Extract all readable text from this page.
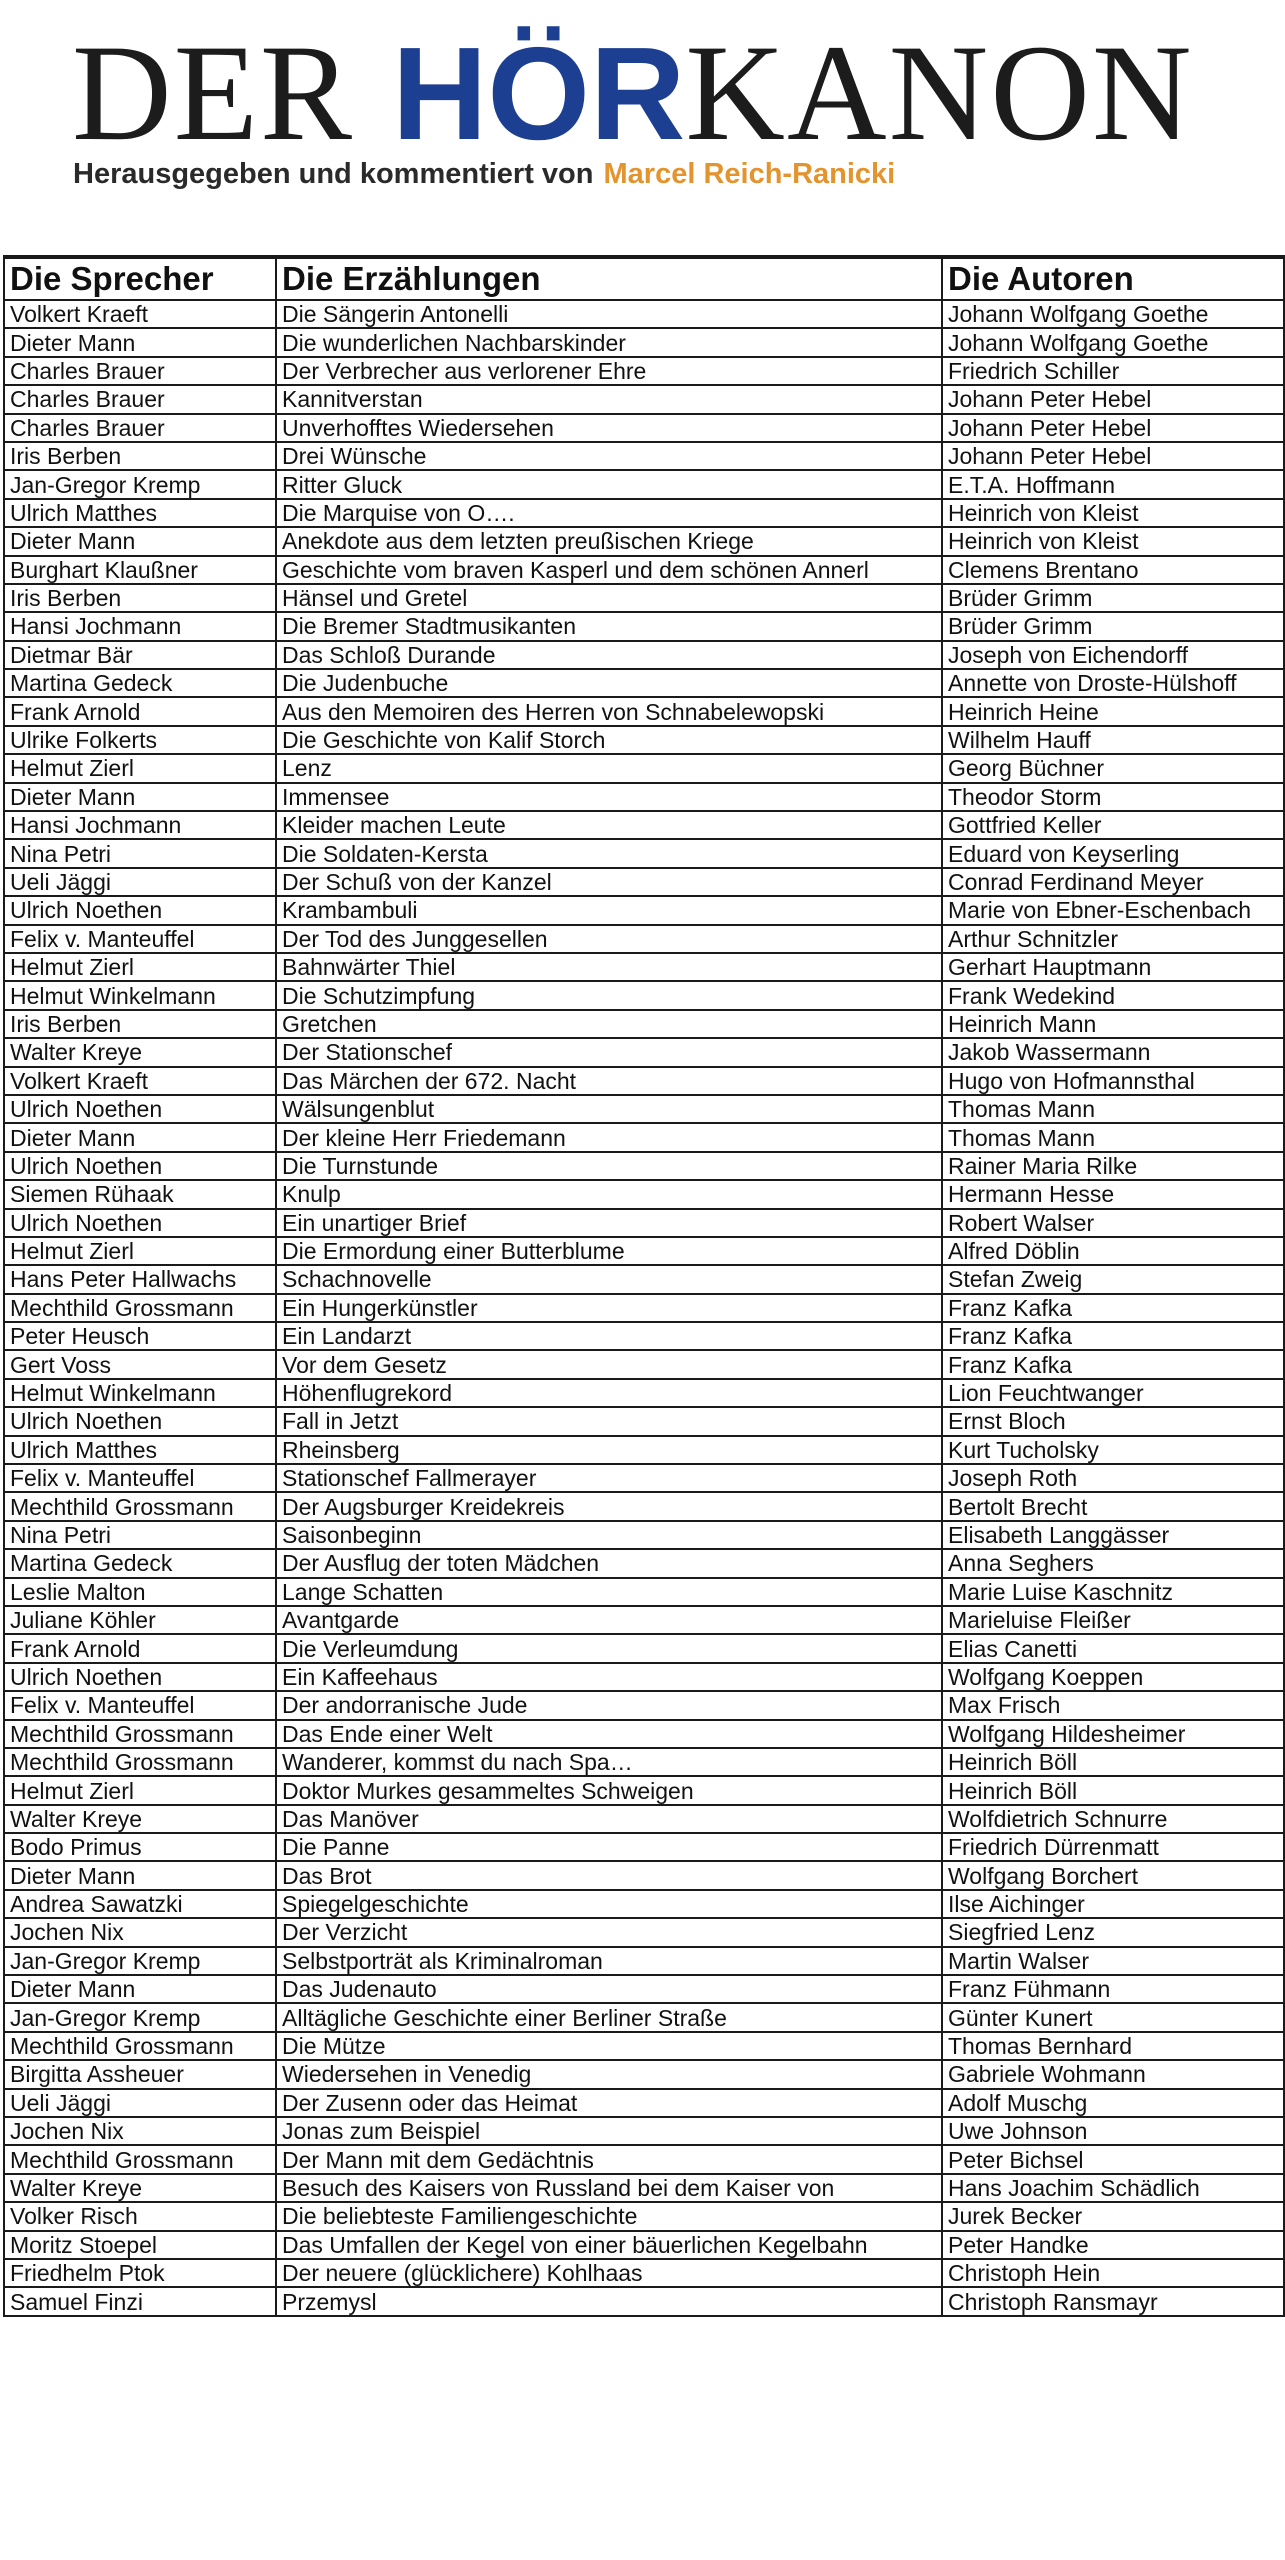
DER HÖRKANON
Herausgegeben und kommentiert von Marcel Reich-Ranicki
Die Sprecher	Die Erzählungen	Die Autoren
Volkert Kraeft	Die Sängerin Antonelli	Johann Wolfgang Goethe
Dieter Mann	Die wunderlichen Nachbarskinder	Johann Wolfgang Goethe
Charles Brauer	Der Verbrecher aus verlorener Ehre	Friedrich Schiller
Charles Brauer	Kannitverstan	Johann Peter Hebel
Charles Brauer	Unverhofftes Wiedersehen	Johann Peter Hebel
Iris Berben	Drei Wünsche	Johann Peter Hebel
Jan-Gregor Kremp	Ritter Gluck	E.T.A. Hoffmann
Ulrich Matthes	Die Marquise von O….	Heinrich von Kleist
Dieter Mann	Anekdote aus dem letzten preußischen Kriege	Heinrich von Kleist
Burghart Klaußner	Geschichte vom braven Kasperl und dem schönen Annerl	Clemens Brentano
Iris Berben	Hänsel und Gretel	Brüder Grimm
Hansi Jochmann	Die Bremer Stadtmusikanten	Brüder Grimm
Dietmar Bär	Das Schloß Durande	Joseph von Eichendorff
Martina Gedeck	Die Judenbuche	Annette von Droste-Hülshoff
Frank Arnold	Aus den Memoiren des Herren von Schnabelewopski	Heinrich Heine
Ulrike Folkerts	Die Geschichte von Kalif Storch	Wilhelm Hauff
Helmut Zierl	Lenz	Georg Büchner
Dieter Mann	Immensee	Theodor Storm
Hansi Jochmann	Kleider machen Leute	Gottfried Keller
Nina Petri	Die Soldaten-Kersta	Eduard von Keyserling
Ueli Jäggi	Der Schuß von der Kanzel	Conrad Ferdinand Meyer
Ulrich Noethen	Krambambuli	Marie von Ebner-Eschenbach
Felix v. Manteuffel	Der Tod des Junggesellen	Arthur Schnitzler
Helmut Zierl	Bahnwärter Thiel	Gerhart Hauptmann
Helmut Winkelmann	Die Schutzimpfung	Frank Wedekind
Iris Berben	Gretchen	Heinrich Mann
Walter Kreye	Der Stationschef	Jakob Wassermann
Volkert Kraeft	Das Märchen der 672. Nacht	Hugo von Hofmannsthal
Ulrich Noethen	Wälsungenblut	Thomas Mann
Dieter Mann	Der kleine Herr Friedemann	Thomas Mann
Ulrich Noethen	Die Turnstunde	Rainer Maria Rilke
Siemen Rühaak	Knulp	Hermann Hesse
Ulrich Noethen	Ein unartiger Brief	Robert Walser
Helmut Zierl	Die Ermordung einer Butterblume	Alfred Döblin
Hans Peter Hallwachs	Schachnovelle	Stefan Zweig
Mechthild Grossmann	Ein Hungerkünstler	Franz Kafka
Peter Heusch	Ein Landarzt	Franz Kafka
Gert Voss	Vor dem Gesetz	Franz Kafka
Helmut Winkelmann	Höhenflugrekord	Lion Feuchtwanger
Ulrich Noethen	Fall in Jetzt	Ernst Bloch
Ulrich Matthes	Rheinsberg	Kurt Tucholsky
Felix v. Manteuffel	Stationschef Fallmerayer	Joseph Roth
Mechthild Grossmann	Der Augsburger Kreidekreis	Bertolt Brecht
Nina Petri	Saisonbeginn	Elisabeth Langgässer
Martina Gedeck	Der Ausflug der toten Mädchen	Anna Seghers
Leslie Malton	Lange Schatten	Marie Luise Kaschnitz
Juliane Köhler	Avantgarde	Marieluise Fleißer
Frank Arnold	Die Verleumdung	Elias Canetti
Ulrich Noethen	Ein Kaffeehaus	Wolfgang Koeppen
Felix v. Manteuffel	Der andorranische Jude	Max Frisch
Mechthild Grossmann	Das Ende einer Welt	Wolfgang Hildesheimer
Mechthild Grossmann	Wanderer, kommst du nach Spa…	Heinrich Böll
Helmut Zierl	Doktor Murkes gesammeltes Schweigen	Heinrich Böll
Walter Kreye	Das Manöver	Wolfdietrich Schnurre
Bodo Primus	Die Panne	Friedrich Dürrenmatt
Dieter Mann	Das Brot	Wolfgang Borchert
Andrea Sawatzki	Spiegelgeschichte	Ilse Aichinger
Jochen Nix	Der Verzicht	Siegfried Lenz
Jan-Gregor Kremp	Selbstporträt als Kriminalroman	Martin Walser
Dieter Mann	Das Judenauto	Franz Fühmann
Jan-Gregor Kremp	Alltägliche Geschichte einer Berliner Straße	Günter Kunert
Mechthild Grossmann	Die Mütze	Thomas Bernhard
Birgitta Assheuer	Wiedersehen in Venedig	Gabriele Wohmann
Ueli Jäggi	Der Zusenn oder das Heimat	Adolf Muschg
Jochen Nix	Jonas zum Beispiel	Uwe Johnson
Mechthild Grossmann	Der Mann mit dem Gedächtnis	Peter Bichsel
Walter Kreye	Besuch des Kaisers von Russland bei dem Kaiser von	Hans Joachim Schädlich
Volker Risch	Die beliebteste Familiengeschichte	Jurek Becker
Moritz Stoepel	Das Umfallen der Kegel von einer bäuerlichen Kegelbahn	Peter Handke
Friedhelm Ptok	Der neuere (glücklichere) Kohlhaas	Christoph Hein
Samuel Finzi	Przemysl	Christoph Ransmayr
